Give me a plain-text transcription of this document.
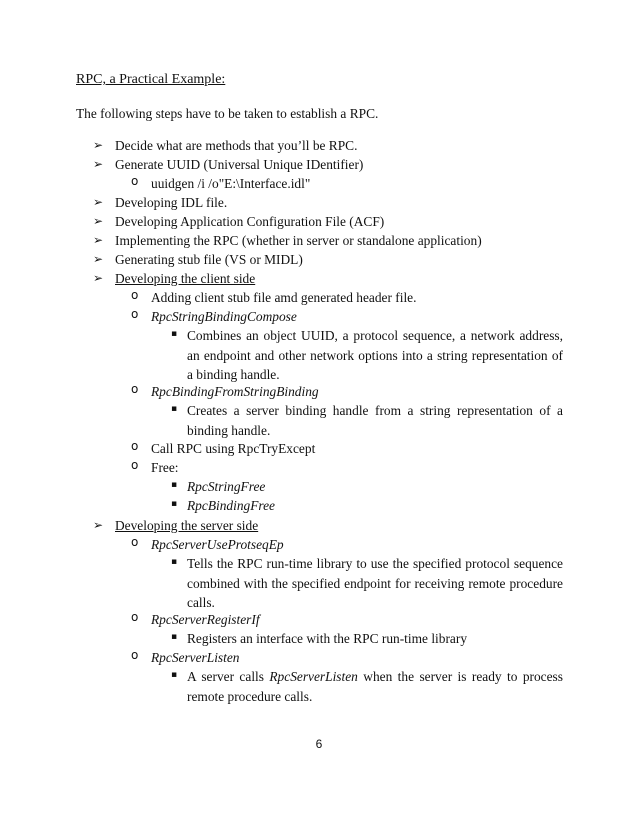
RPC, a Practical Example:
The following steps have to be taken to establish a RPC.
➢ Decide what are methods that you’ll be RPC.
➢ Generate UUID (Universal Unique IDentifier)
o uuidgen /i /o"E:\Interface.idl"
➢ Developing IDL file.
➢ Developing Application Configuration File (ACF)
➢ Implementing the RPC (whether in server or standalone application)
➢ Generating stub file (VS or MIDL)
➢ Developing the client side
o Adding client stub file amd generated header file.
o RpcStringBindingCompose
▪ Combines an object UUID, a protocol sequence, a network address, an endpoint and other network options into a string representation of a binding handle.
o RpcBindingFromStringBinding
▪ Creates a server binding handle from a string representation of a binding handle.
o Call RPC using RpcTryExcept
o Free:
▪ RpcStringFree
▪ RpcBindingFree
➢ Developing the server side
o RpcServerUseProtseqEp
▪ Tells the RPC run-time library to use the specified protocol sequence combined with the specified endpoint for receiving remote procedure calls.
o RpcServerRegisterIf
▪ Registers an interface with the RPC run-time library
o RpcServerListen
▪ A server calls RpcServerListen when the server is ready to process remote procedure calls.
6
